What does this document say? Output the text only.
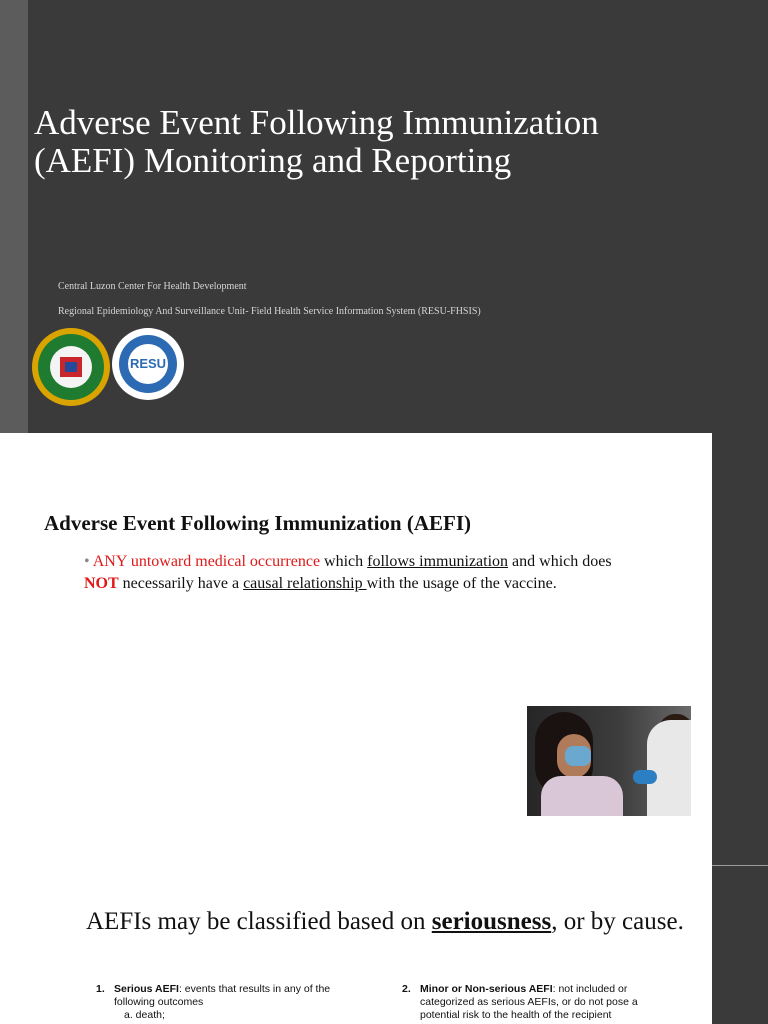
Adverse Event Following Immunization
(AEFI) Monitoring and Reporting
Central Luzon Center For Health Development
Regional Epidemiology And Surveillance Unit- Field Health Service Information System (RESU-FHSIS)
RESU
Adverse Event Following Immunization (AEFI)
• ANY untoward medical occurrence which follows immunization and which does NOT necessarily have a causal relationship with the usage of the vaccine.
AEFIs may be classified based on seriousness, or by cause.
1. Serious AEFI: events that results in any of the following outcomes
a. death;
2. Minor or Non-serious AEFI: not included or categorized as serious AEFIs, or do not pose a potential risk to the health of the recipient
